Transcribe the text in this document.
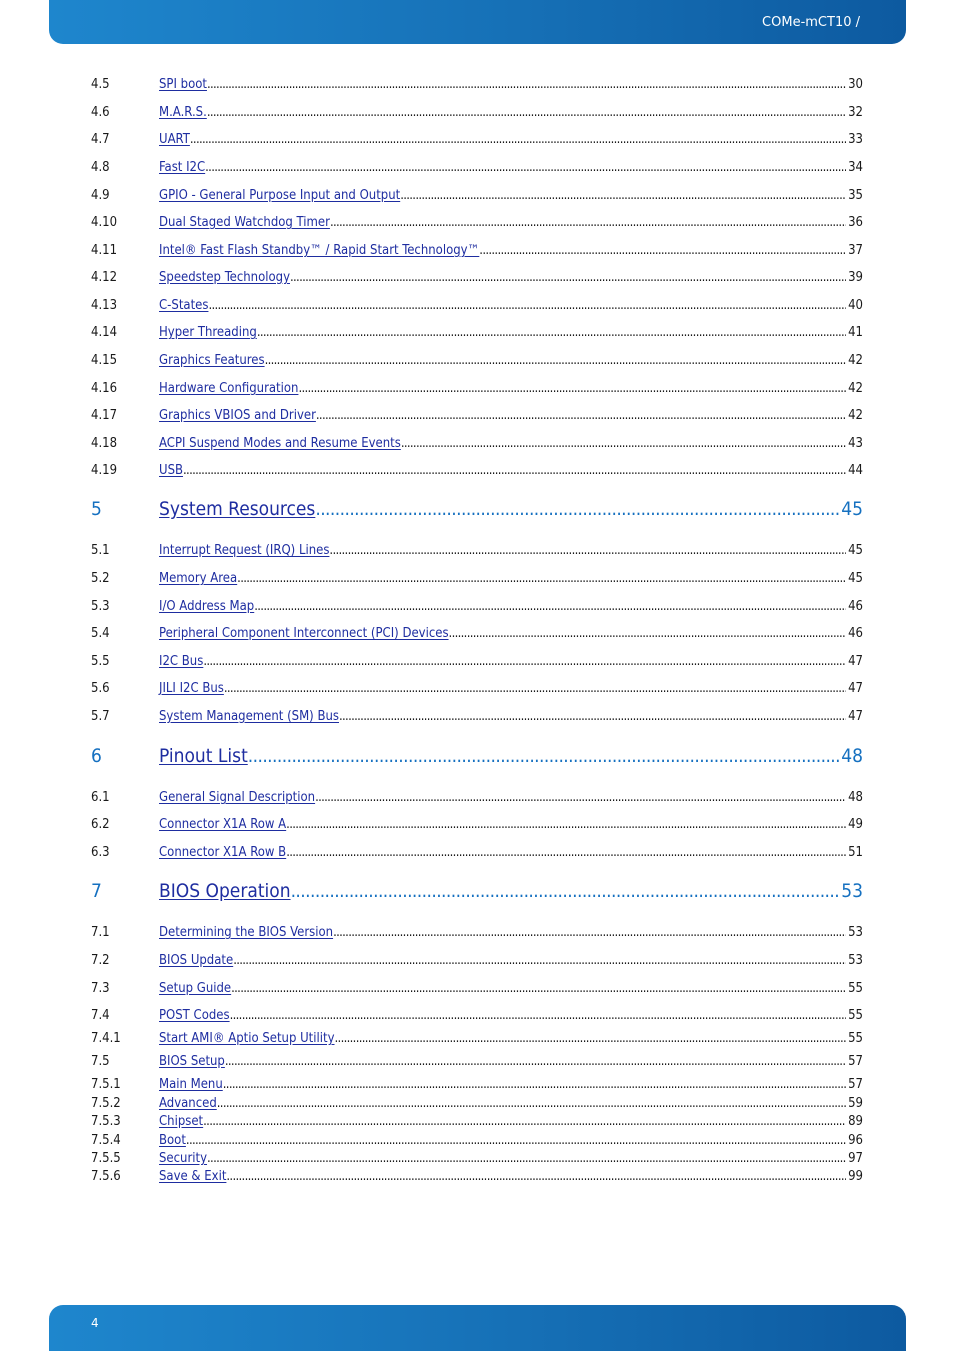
COMe-mCT10 /
4.5	SPI boot . . .	30
4.6	M.A.R.S. . . .	32
4.7	UART . . .	33
4.8	Fast I2C . . .	34
4.9	GPIO - General Purpose Input and Output . . .	35
4.10	Dual Staged Watchdog Timer . . .	36
4.11	Intel® Fast Flash Standby™ / Rapid Start Technology™ . . .	37
4.12	Speedstep Technology . . .	39
4.13	C-States . . .	40
4.14	Hyper Threading . . .	41
4.15	Graphics Features . . .	42
4.16	Hardware Configuration . . .	42
4.17	Graphics VBIOS and Driver . . .	42
4.18	ACPI Suspend Modes and Resume Events . . .	43
4.19	USB . . .	44
5	System Resources . . .	45
5.1	Interrupt Request (IRQ) Lines . . .	45
5.2	Memory Area . . .	45
5.3	I/O Address Map . . .	46
5.4	Peripheral Component Interconnect (PCI) Devices . . .	46
5.5	I2C Bus . . .	47
5.6	JILI I2C Bus . . .	47
5.7	System Management (SM) Bus . . .	47
6	Pinout List . . .	48
6.1	General Signal Description . . .	48
6.2	Connector X1A Row A . . .	49
6.3	Connector X1A Row B . . .	51
7	BIOS Operation . . .	53
7.1	Determining the BIOS Version . . .	53
7.2	BIOS Update . . .	53
7.3	Setup Guide . . .	55
7.4	POST Codes . . .	55
7.4.1	Start AMI® Aptio Setup Utility . . .	55
7.5	BIOS Setup . . .	57
7.5.1	Main Menu . . .	57
7.5.2	Advanced . . .	59
7.5.3	Chipset . . .	89
7.5.4	Boot . . .	96
7.5.5	Security . . .	97
7.5.6	Save & Exit . . .	99
4
